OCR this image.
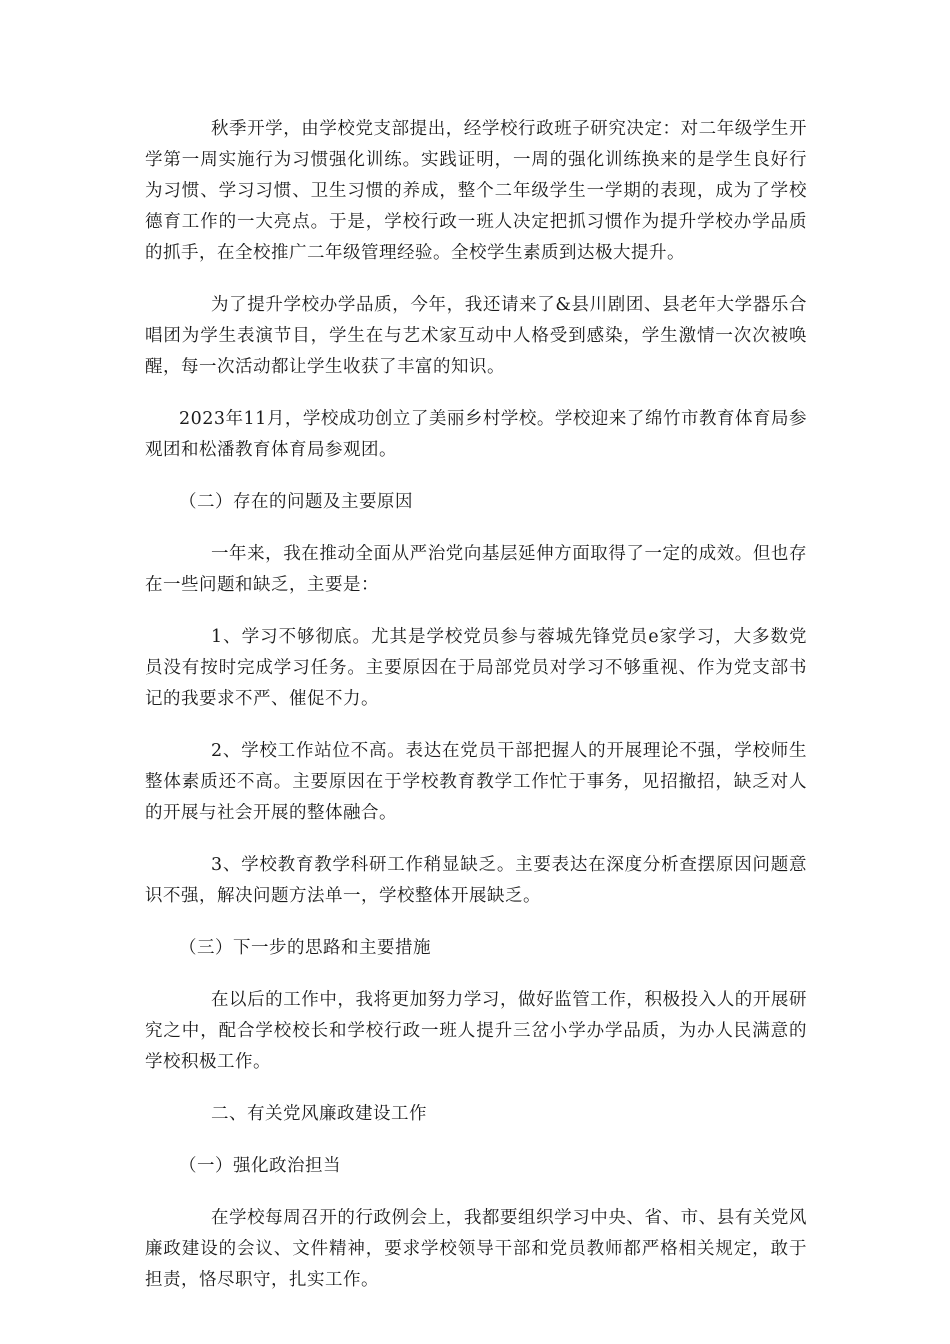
秋季开学，由学校党支部提出，经学校行政班子研究决定：对二年级学生开学第一周实施行为习惯强化训练。实践证明，一周的强化训练换来的是学生良好行为习惯、学习习惯、卫生习惯的养成，整个二年级学生一学期的表现，成为了学校德育工作的一大亮点。于是，学校行政一班人决定把抓习惯作为提升学校办学品质的抓手，在全校推广二年级管理经验。全校学生素质到达极大提升。

为了提升学校办学品质，今年，我还请来了&县川剧团、县老年大学器乐合唱团为学生表演节目，学生在与艺术家互动中人格受到感染，学生激情一次次被唤醒，每一次活动都让学生收获了丰富的知识。

2023年11月，学校成功创立了美丽乡村学校。学校迎来了绵竹市教育体育局参观团和松潘教育体育局参观团。

（二）存在的问题及主要原因

一年来，我在推动全面从严治党向基层延伸方面取得了一定的成效。但也存在一些问题和缺乏，主要是：

1、学习不够彻底。尤其是学校党员参与蓉城先锋党员e家学习，大多数党员没有按时完成学习任务。主要原因在于局部党员对学习不够重视、作为党支部书记的我要求不严、催促不力。

2、学校工作站位不高。表达在党员干部把握人的开展理论不强，学校师生整体素质还不高。主要原因在于学校教育教学工作忙于事务，见招撤招，缺乏对人的开展与社会开展的整体融合。

3、学校教育教学科研工作稍显缺乏。主要表达在深度分析查摆原因问题意识不强，解决问题方法单一，学校整体开展缺乏。

（三）下一步的思路和主要措施

在以后的工作中，我将更加努力学习，做好监管工作，积极投入人的开展研究之中，配合学校校长和学校行政一班人提升三岔小学办学品质，为办人民满意的学校积极工作。

二、有关党风廉政建设工作

（一）强化政治担当

在学校每周召开的行政例会上，我都要组织学习中央、省、市、县有关党风廉政建设的会议、文件精神，要求学校领导干部和党员教师都严格相关规定，敢于担责，恪尽职守，扎实工作。
